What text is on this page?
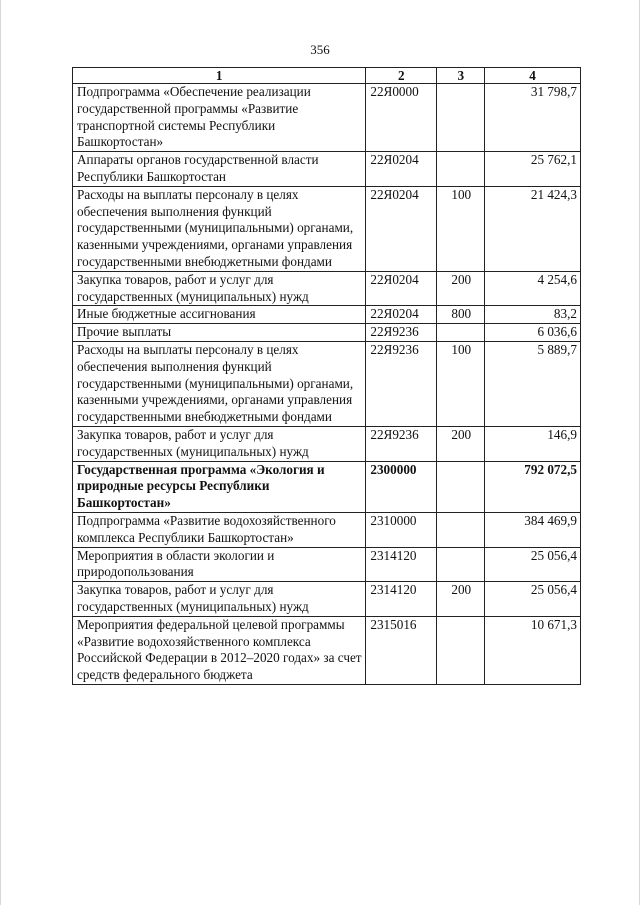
356
1	2	3	4
Подпрограмма «Обеспечение реализации государственной программы «Развитие транспортной системы Республики Башкортостан»	22Я0000		31 798,7
Аппараты органов государственной власти Республики Башкортостан	22Я0204		25 762,1
Расходы на выплаты персоналу в целях обеспечения выполнения функций государственными (муниципальными) органами, казенными учреждениями, органами управления государственными внебюджетными фондами	22Я0204	100	21 424,3
Закупка товаров, работ и услуг для государственных (муниципальных) нужд	22Я0204	200	4 254,6
Иные бюджетные ассигнования	22Я0204	800	83,2
Прочие выплаты	22Я9236		6 036,6
Расходы на выплаты персоналу в целях обеспечения выполнения функций государственными (муниципальными) органами, казенными учреждениями, органами управления государственными внебюджетными фондами	22Я9236	100	5 889,7
Закупка товаров, работ и услуг для государственных (муниципальных) нужд	22Я9236	200	146,9
Государственная программа «Экология и природные ресурсы Республики Башкортостан»	2300000		792 072,5
Подпрограмма «Развитие водохозяйственного комплекса Республики Башкортостан»	2310000		384 469,9
Мероприятия в области экологии и природопользования	2314120		25 056,4
Закупка товаров, работ и услуг для государственных (муниципальных) нужд	2314120	200	25 056,4
Мероприятия федеральной целевой программы «Развитие водохозяйственного комплекса Российской Федерации в 2012–2020 годах» за счет средств федерального бюджета	2315016		10 671,3
